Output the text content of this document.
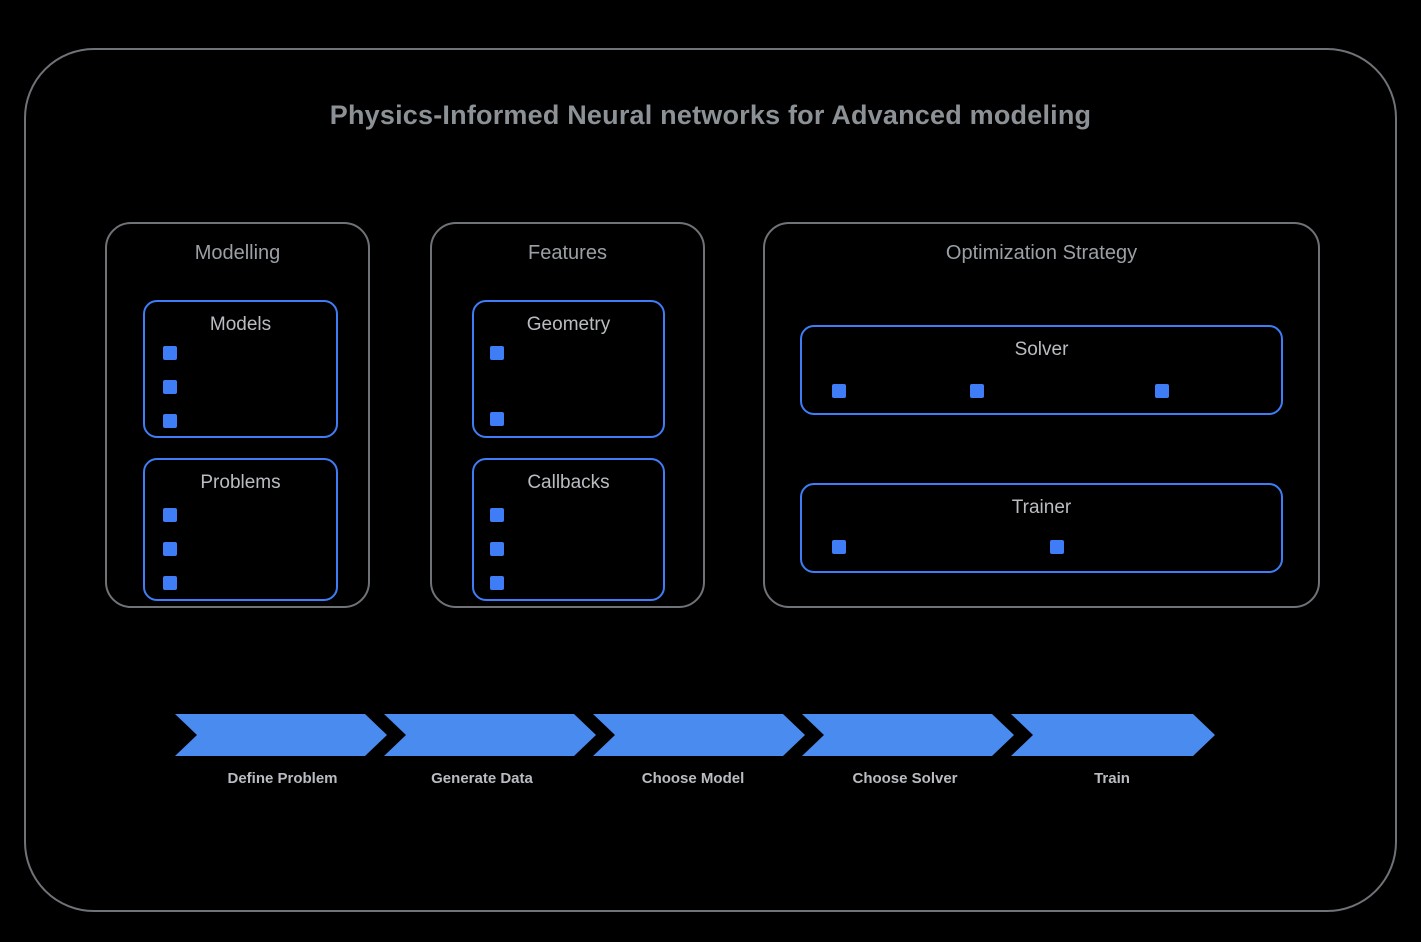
Physics-Informed Neural networks for Advanced modeling
Modelling
Models
Problems
Features
Geometry
Callbacks
Optimization Strategy
Solver
Trainer
Define Problem	Generate Data	Choose Model	Choose Solver	Train
